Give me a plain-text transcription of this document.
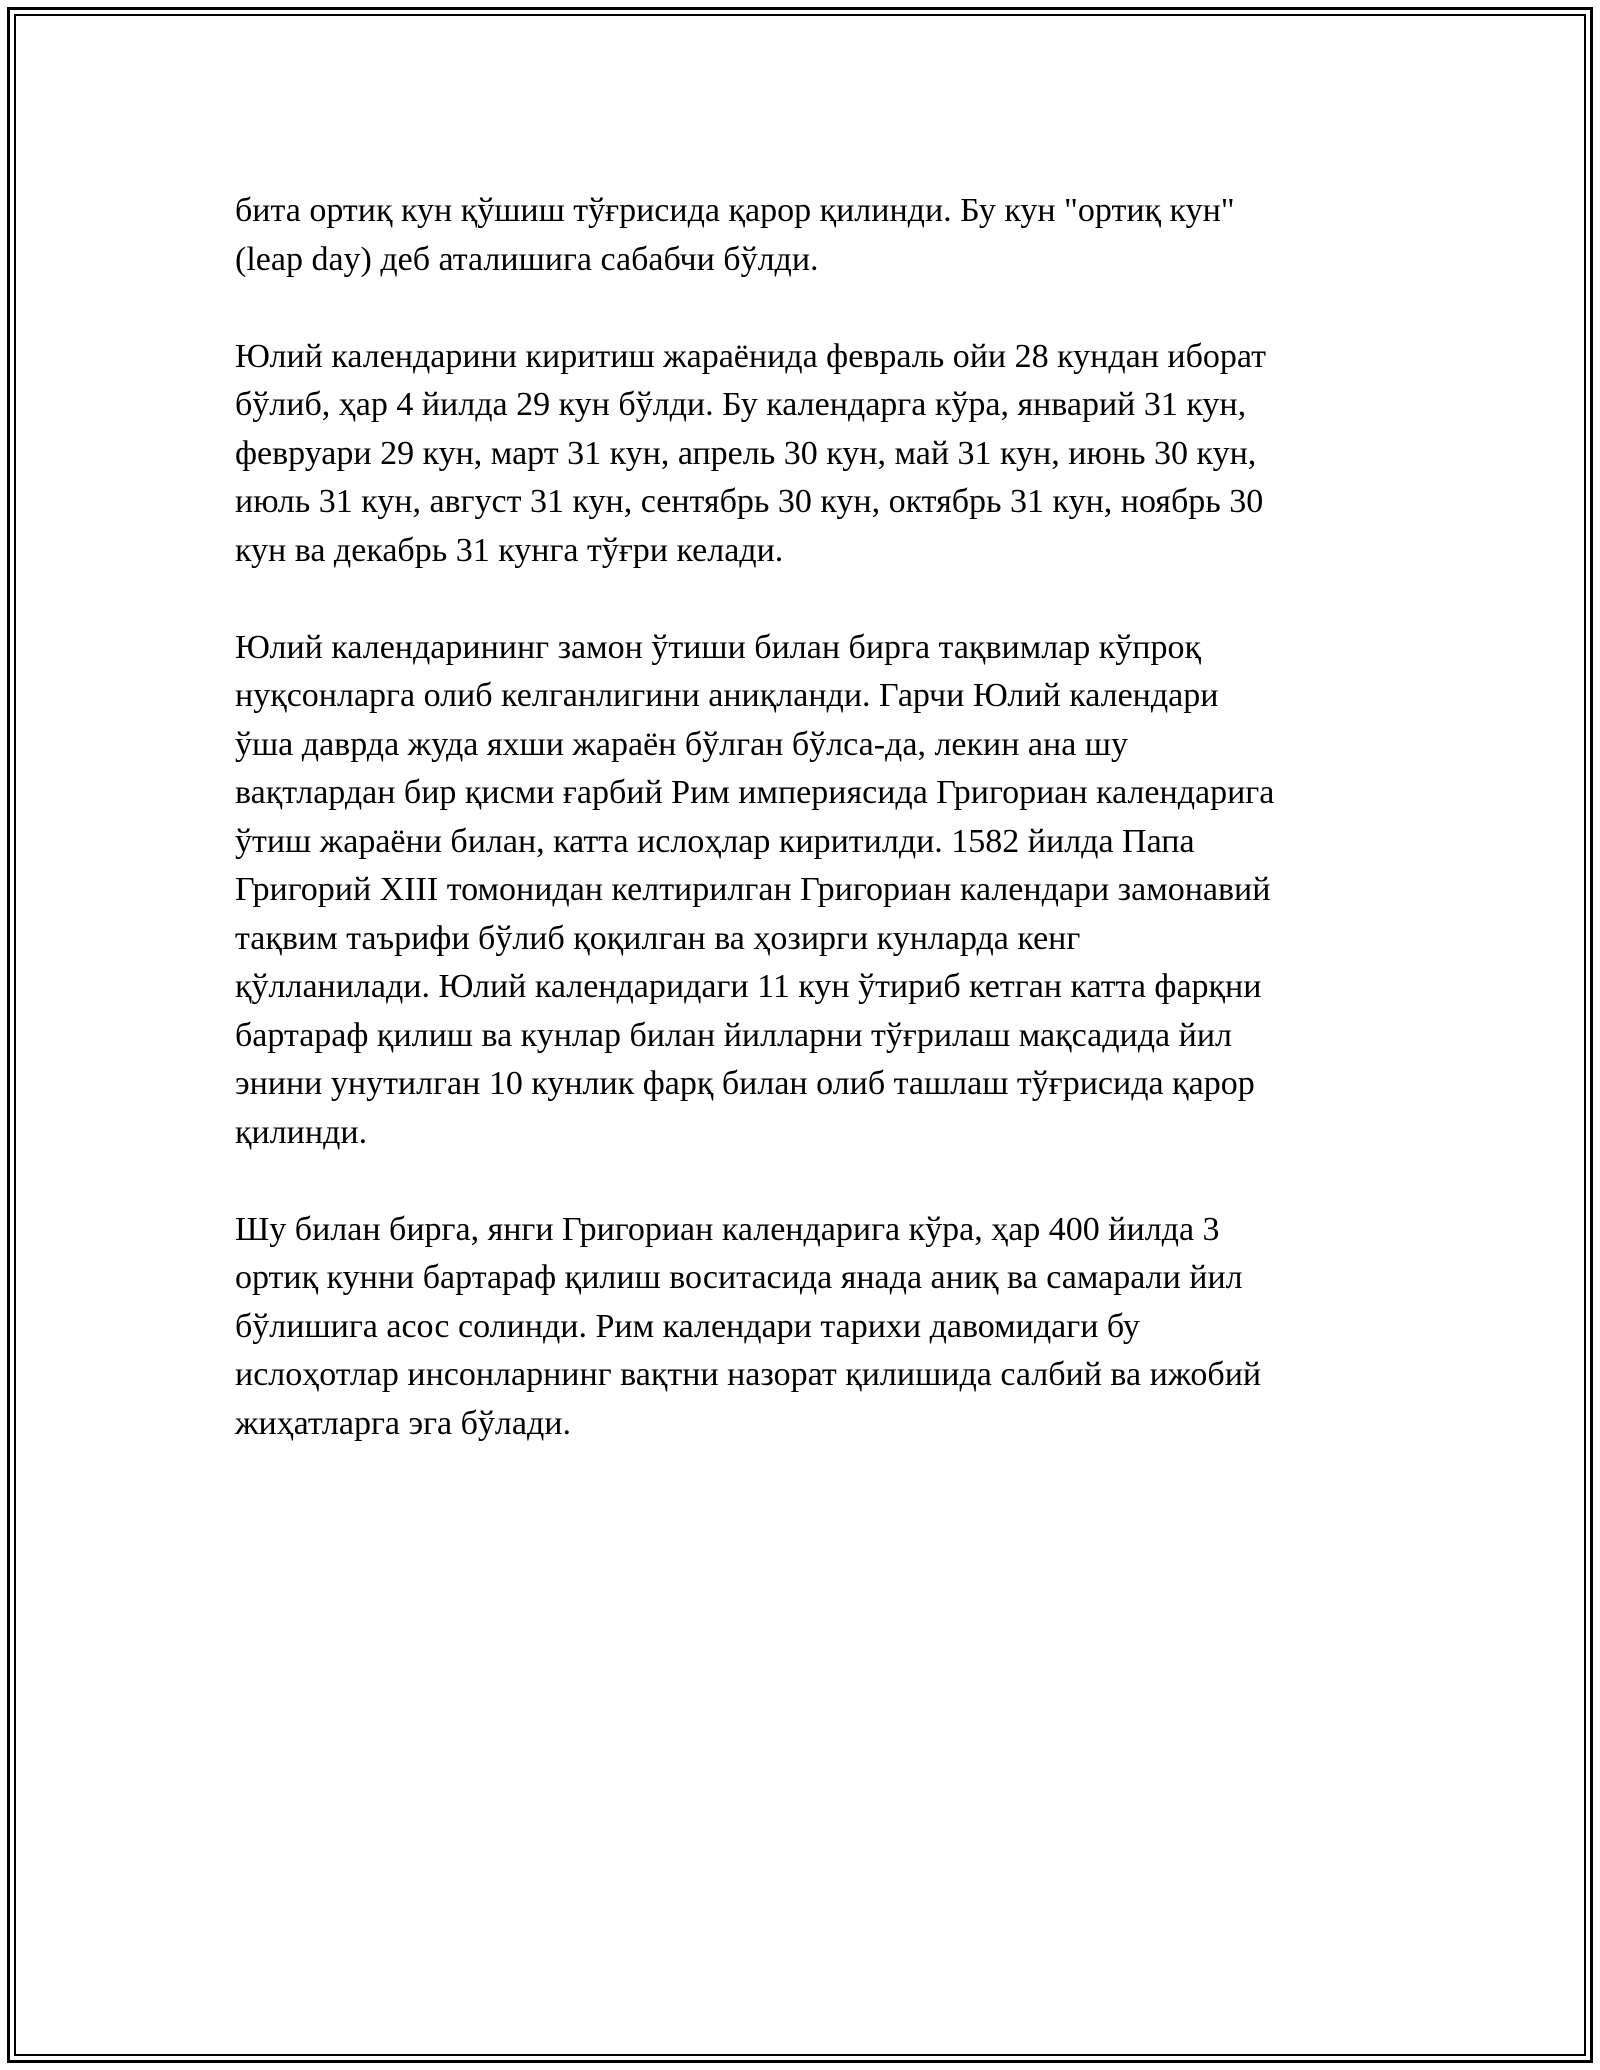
бита ортиқ кун қўшиш тўғрисида қарор қилинди. Бу кун "ортиқ кун"
(leap day) деб аталишига сабабчи бўлди.

Юлий календарини киритиш жараёнида февраль ойи 28 кундан иборат
бўлиб, ҳар 4 йилда 29 кун бўлди. Бу календарга кўра, январий 31 кун,
февруари 29 кун, март 31 кун, апрель 30 кун, май 31 кун, июнь 30 кун,
июль 31 кун, август 31 кун, сентябрь 30 кун, октябрь 31 кун, ноябрь 30
кун ва декабрь 31 кунга тўғри келади.

Юлий календарининг замон ўтиши билан бирга тақвимлар кўпроқ
нуқсонларга олиб келганлигини аниқланди. Гарчи Юлий календари
ўша даврда жуда яхши жараён бўлган бўлса-да, лекин ана шу
вақтлардан бир қисми ғарбий Рим империясида Григориан календарига
ўтиш жараёни билан, катта ислоҳлар киритилди. 1582 йилда Папа
Григорий XIII томонидан келтирилган Григориан календари замонавий
тақвим таърифи бўлиб қоқилган ва ҳозирги кунларда кенг
қўлланилади. Юлий календаридаги 11 кун ўтириб кетган катта фарқни
бартараф қилиш ва кунлар билан йилларни тўғрилаш мақсадида йил
энини унутилган 10 кунлик фарқ билан олиб ташлаш тўғрисида қарор
қилинди.

Шу билан бирга, янги Григориан календарига кўра, ҳар 400 йилда 3
ортиқ кунни бартараф қилиш воситасида янада аниқ ва самарали йил
бўлишига асос солинди. Рим календари тарихи давомидаги бу
ислоҳотлар инсонларнинг вақтни назорат қилишида салбий ва ижобий
жиҳатларга эга бўлади.
